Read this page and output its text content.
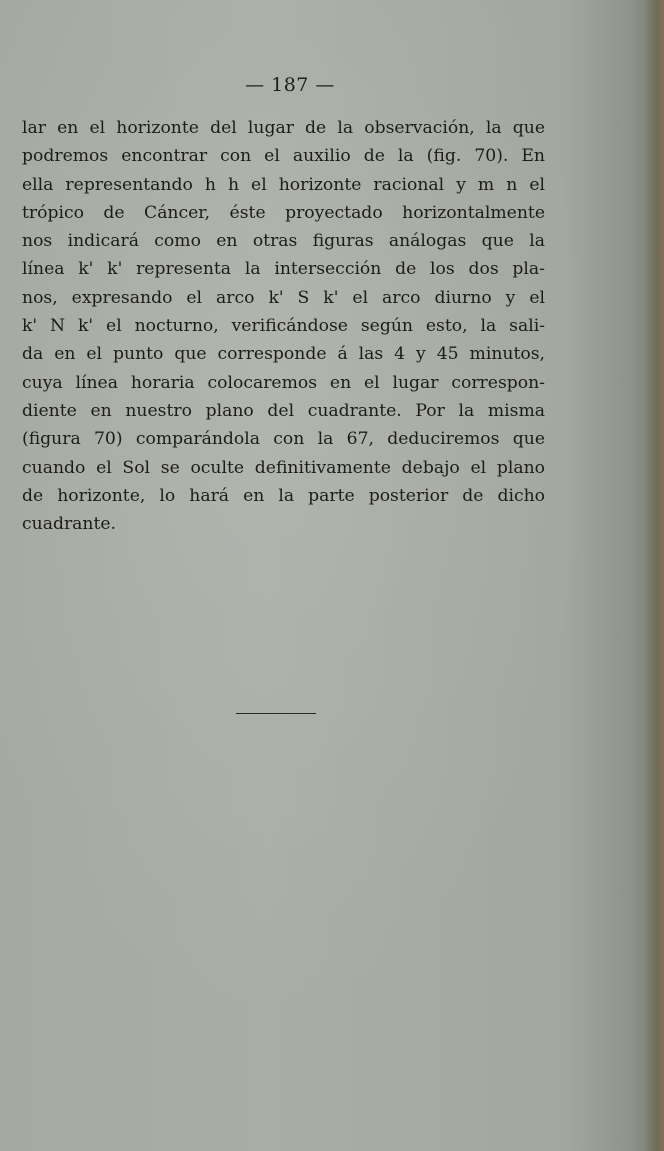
— 187 —
lar en el horizonte del lugar de la observación, la que
podremos encontrar con el auxilio de la (fig. 70). En
ella representando h h el horizonte racional y m n el
trópico de Cáncer, éste proyectado horizontalmente
nos indicará como en otras figuras análogas que la
línea k' k' representa la intersección de los dos pla-
nos, expresando el arco k' S k' el arco diurno y el
k' N k' el nocturno, verificándose según esto, la sali-
da en el punto que corresponde á las 4 y 45 minutos,
cuya línea horaria colocaremos en el lugar correspon-
diente en nuestro plano del cuadrante. Por la misma
(figura 70) comparándola con la 67, deduciremos que
cuando el Sol se oculte definitivamente debajo el plano
de horizonte, lo hará en la parte posterior de dicho
cuadrante.
